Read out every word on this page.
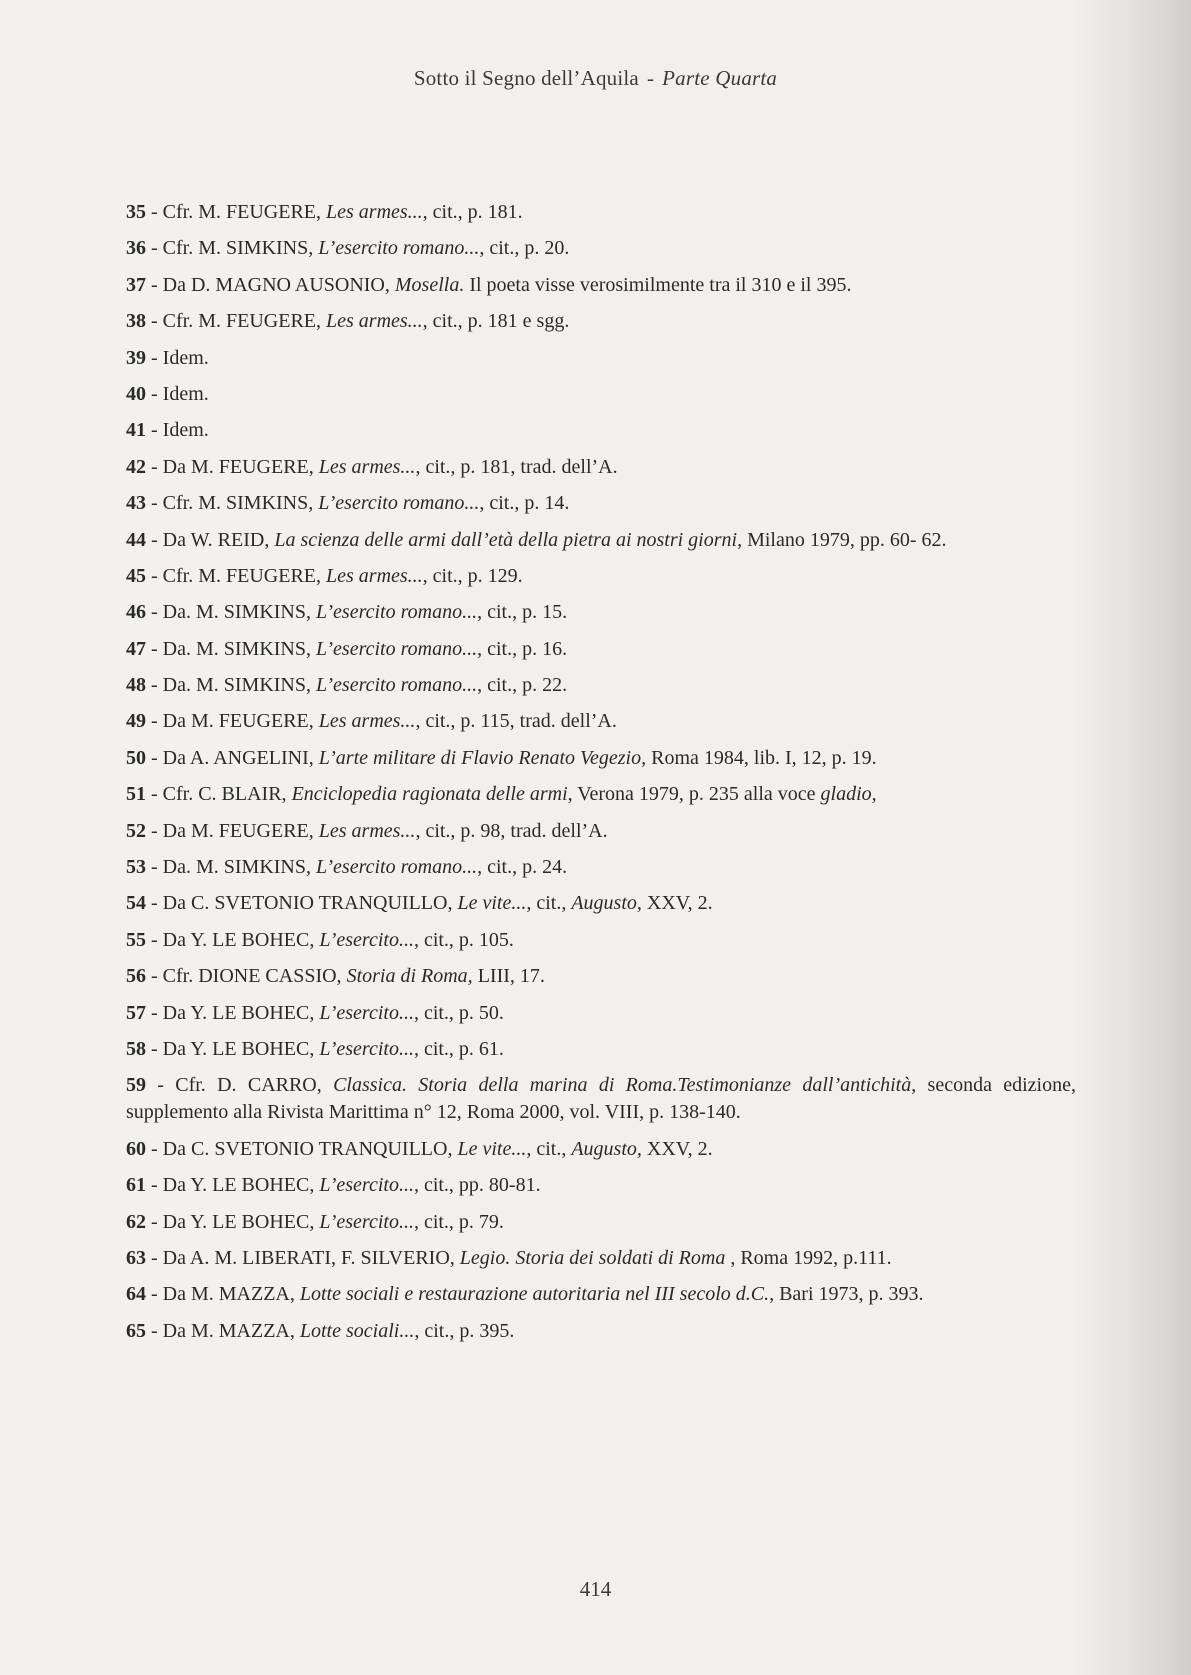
Sotto il Segno dell’Aquila - Parte Quarta
35 - Cfr. M. FEUGERE, Les armes..., cit., p. 181.
36 - Cfr. M. SIMKINS, L’esercito romano..., cit., p. 20.
37 - Da D. MAGNO AUSONIO, Mosella. Il poeta visse verosimilmente tra il 310 e il 395.
38 - Cfr. M. FEUGERE, Les armes..., cit., p. 181 e sgg.
39 - Idem.
40 - Idem.
41 - Idem.
42 - Da M. FEUGERE, Les armes..., cit., p. 181, trad. dell’A.
43 - Cfr. M. SIMKINS, L’esercito romano..., cit., p. 14.
44 - Da W. REID, La scienza delle armi dall’età della pietra ai nostri giorni, Milano 1979, pp. 60- 62.
45 - Cfr. M. FEUGERE, Les armes..., cit., p. 129.
46 - Da. M. SIMKINS, L’esercito romano..., cit., p. 15.
47 - Da. M. SIMKINS, L’esercito romano..., cit., p. 16.
48 - Da. M. SIMKINS, L’esercito romano..., cit., p. 22.
49 - Da M. FEUGERE, Les armes..., cit., p. 115, trad. dell’A.
50 - Da A. ANGELINI, L’arte militare di Flavio Renato Vegezio, Roma 1984, lib. I, 12, p. 19.
51 - Cfr. C. BLAIR, Enciclopedia ragionata delle armi, Verona 1979, p. 235 alla voce gladio,
52 - Da M. FEUGERE, Les armes..., cit., p. 98, trad. dell’A.
53 - Da. M. SIMKINS, L’esercito romano..., cit., p. 24.
54 - Da C. SVETONIO TRANQUILLO, Le vite..., cit., Augusto, XXV, 2.
55 - Da Y. LE BOHEC, L’esercito..., cit., p. 105.
56 - Cfr. DIONE CASSIO, Storia di Roma, LIII, 17.
57 - Da Y. LE BOHEC, L’esercito..., cit., p. 50.
58 - Da Y. LE BOHEC, L’esercito..., cit., p. 61.
59 - Cfr. D. CARRO, Classica. Storia della marina di Roma.Testimonianze dall’antichità, seconda edizione, supplemento alla Rivista Marittima n° 12, Roma 2000, vol. VIII, p. 138-140.
60 - Da C. SVETONIO TRANQUILLO, Le vite..., cit., Augusto, XXV, 2.
61 - Da Y. LE BOHEC, L’esercito..., cit., pp. 80-81.
62 - Da Y. LE BOHEC, L’esercito..., cit., p. 79.
63 - Da A. M. LIBERATI, F. SILVERIO, Legio. Storia dei soldati di Roma , Roma 1992, p.111.
64 - Da M. MAZZA, Lotte sociali e restaurazione autoritaria nel III secolo d.C., Bari 1973, p. 393.
65 - Da M. MAZZA, Lotte sociali..., cit., p. 395.
414
